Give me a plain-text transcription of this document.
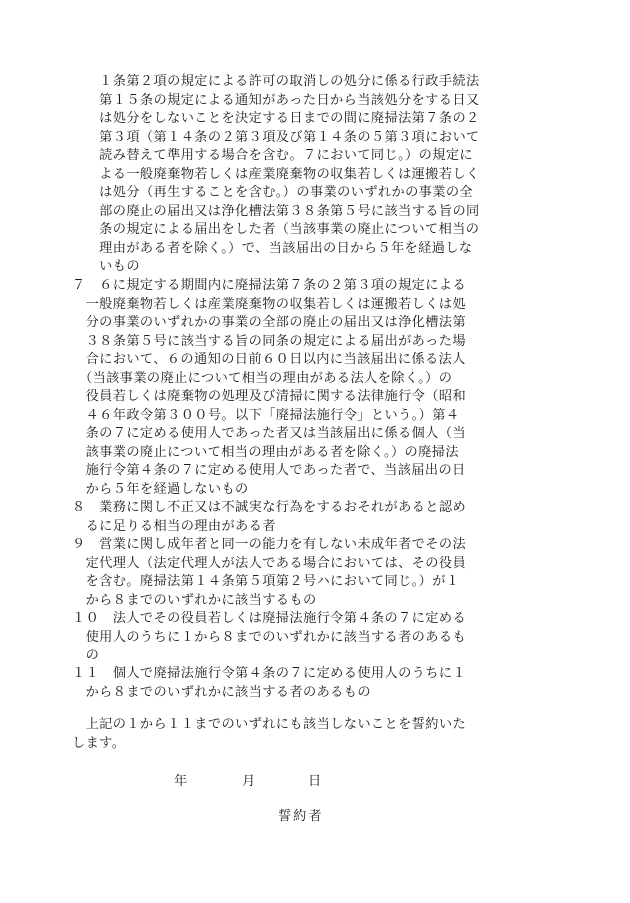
　　１条第２項の規定による許可の取消しの処分に係る行政手続法
　　第１５条の規定による通知があった日から当該処分をする日又
　　は処分をしないことを決定する日までの間に廃掃法第７条の２
　　第３項（第１４条の２第３項及び第１４条の５第３項において
　　読み替えて準用する場合を含む。７において同じ。）の規定に
　　よる一般廃棄物若しくは産業廃棄物の収集若しくは運搬若しく
　　は処分（再生することを含む。）の事業のいずれかの事業の全
　　部の廃止の届出又は浄化槽法第３８条第５号に該当する旨の同
　　条の規定による届出をした者（当該事業の廃止について相当の
　　理由がある者を除く。）で、当該届出の日から５年を経過しな
　　いもの
７　６に規定する期間内に廃掃法第７条の２第３項の規定による
　一般廃棄物若しくは産業廃棄物の収集若しくは運搬若しくは処
　分の事業のいずれかの事業の全部の廃止の届出又は浄化槽法第
　３８条第５号に該当する旨の同条の規定による届出があった場
　合において、６の通知の日前６０日以内に当該届出に係る法人
　（当該事業の廃止について相当の理由がある法人を除く。）の
　役員若しくは廃棄物の処理及び清掃に関する法律施行令（昭和
　４６年政令第３００号。以下「廃掃法施行令」という。）第４
　条の７に定める使用人であった者又は当該届出に係る個人（当
　該事業の廃止について相当の理由がある者を除く。）の廃掃法
　施行令第４条の７に定める使用人であった者で、当該届出の日
　から５年を経過しないもの
８　業務に関し不正又は不誠実な行為をするおそれがあると認め
　るに足りる相当の理由がある者
９　営業に関し成年者と同一の能力を有しない未成年者でその法
　定代理人（法定代理人が法人である場合においては、その役員
　を含む。廃掃法第１４条第５項第２号ハにおいて同じ。）が１
　から８までのいずれかに該当するもの
１０　法人でその役員若しくは廃掃法施行令第４条の７に定める
　使用人のうちに１から８までのいずれかに該当する者のあるも
　の
１１　個人で廃掃法施行令第４条の７に定める使用人のうちに１
　から８までのいずれかに該当する者のあるもの
　上記の１から１１までのいずれにも該当しないことを誓約いた
します。
年	月	日
誓約者
